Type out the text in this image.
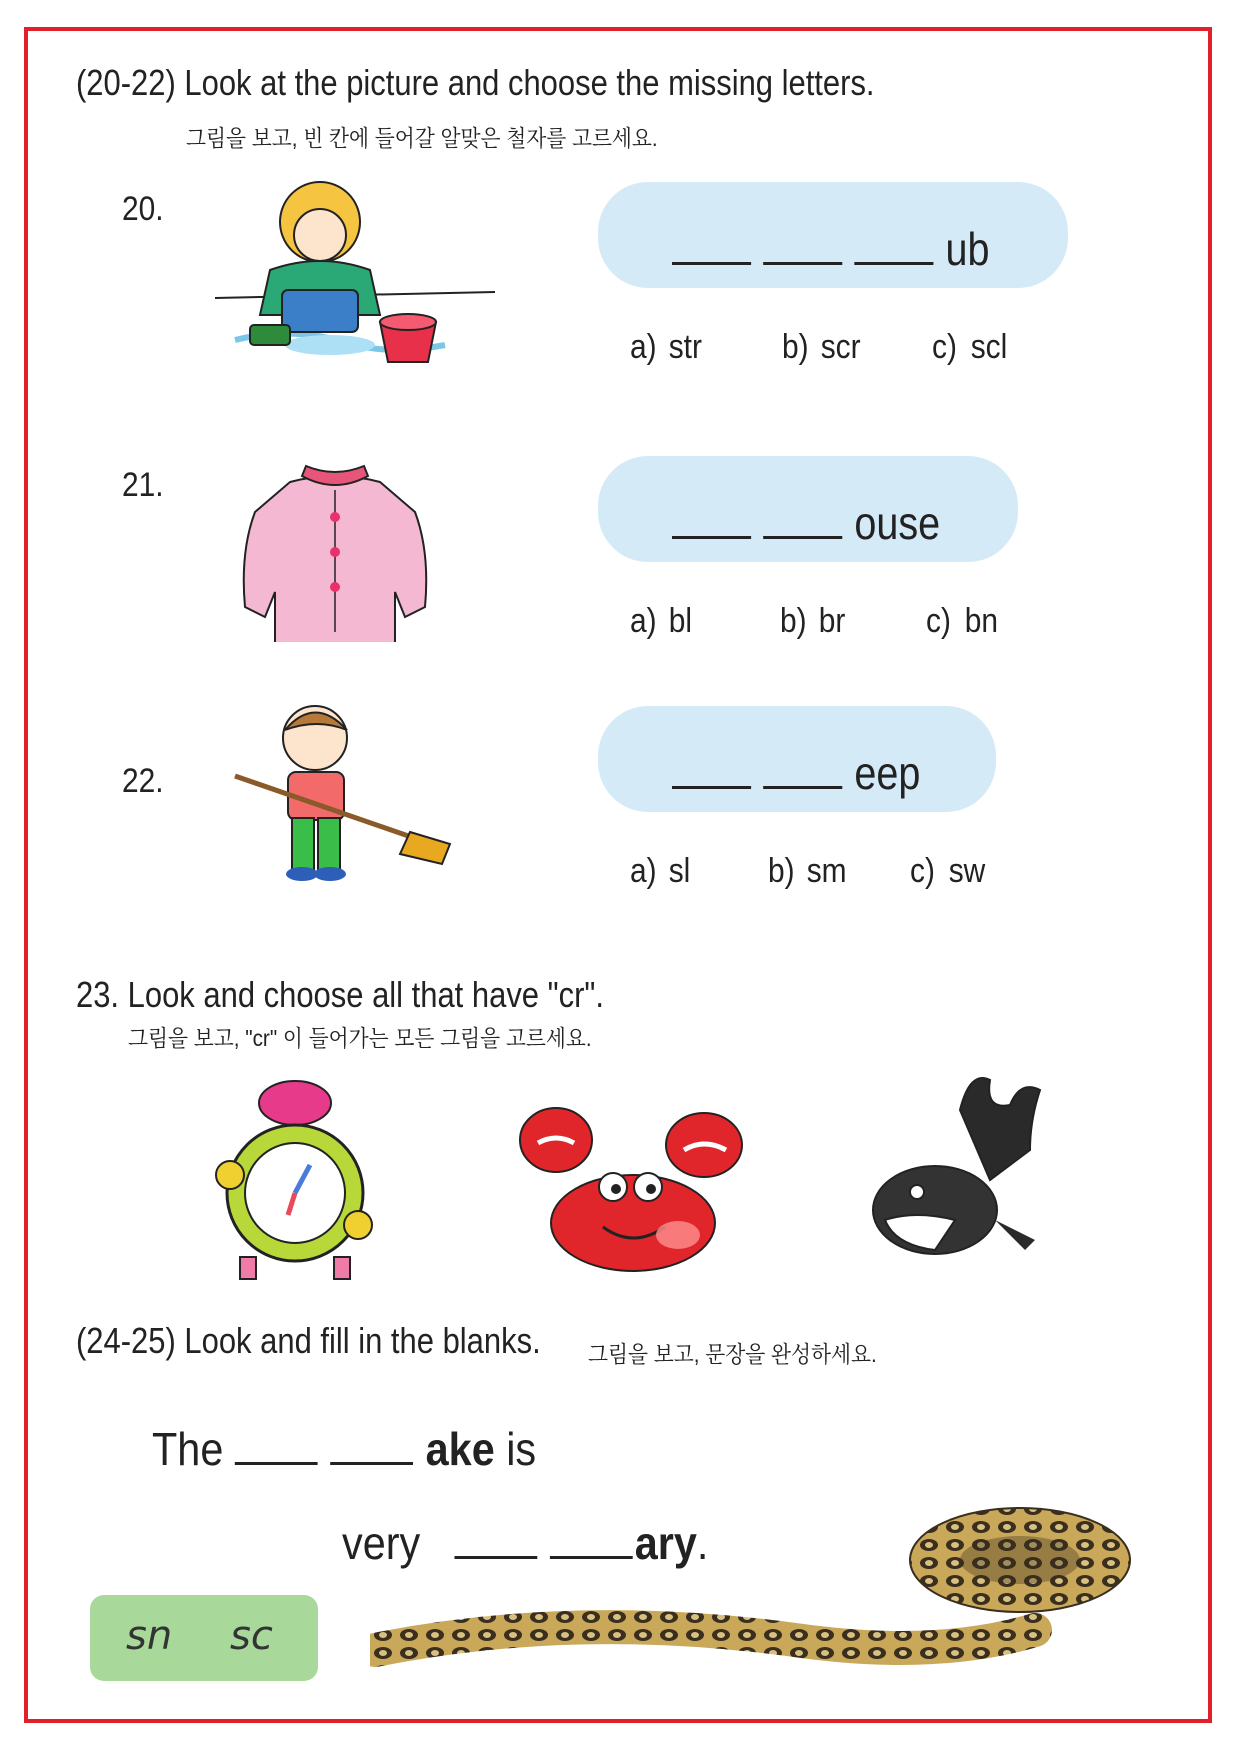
(20-22) Look at the picture and choose the missing letters.
그림을 보고, 빈 칸에 들어갈 알맞은 철자를 고르세요.
20.
ub
a) str b) scr c) scl
21.
ouse
a) bl	b) br c) bn
22.	eep
a) sl b) sm c) sw
23. Look and choose all that have "cr".
그림을 보고, "cr" 이 들어가는 모든 그림을 고르세요.
(24-25) Look and fill in the blanks.	그림을 보고, 문장을 완성하세요.
The	ake is
very	ary.
sn sc
